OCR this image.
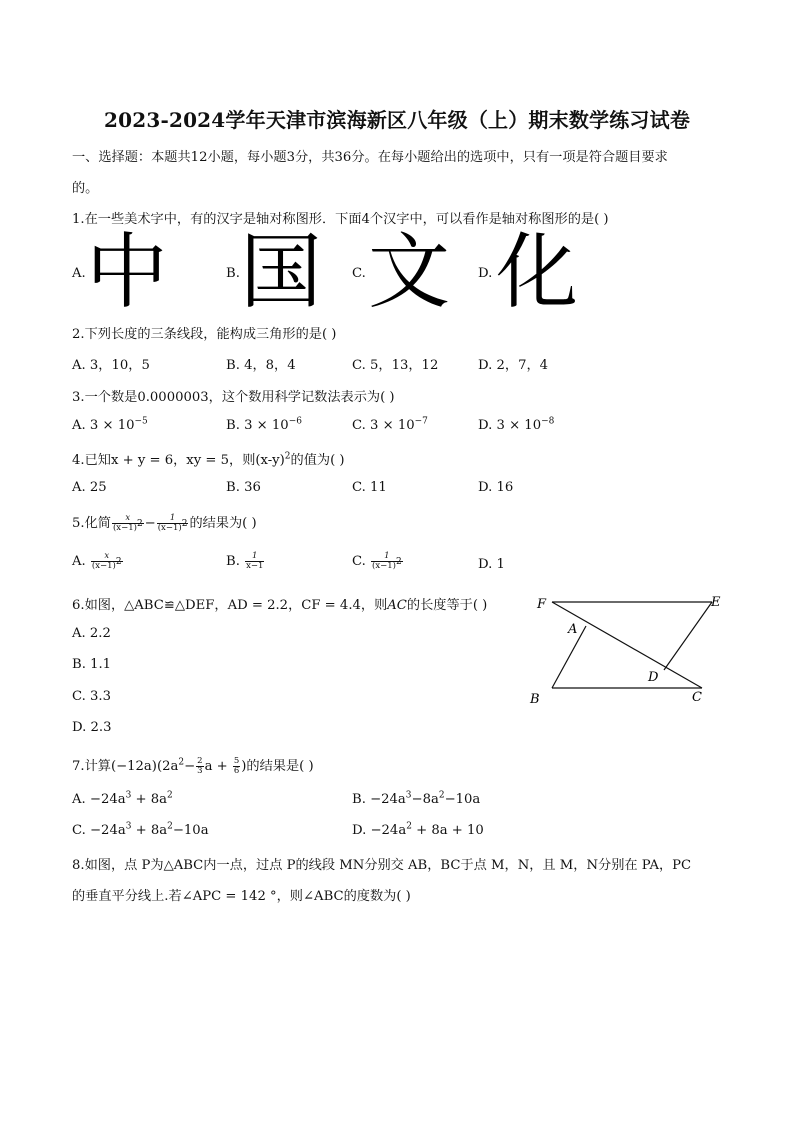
2023-2024学年天津市滨海新区八年级（上）期末数学练习试卷
一、选择题：本题共12小题，每小题3分，共36分。在每小题给出的选项中，只有一项是符合题目要求
的。
1.在一些美术字中，有的汉字是轴对称图形．下面4个汉字中，可以看作是轴对称图形的是( )
A. 中	B. 国 C. 文 D. 化
2.下列长度的三条线段，能构成三角形的是( )
A. 3，10，5	B. 4，8，4	C. 5，13，12	D. 2，7，4
3.一个数是0.0000003，这个数用科学记数法表示为( )
A. $3 \times 10^{-5}$	B. $3 \times 10^{-6}$	C. $3 \times 10^{-7}$	D. $3 \times 10^{-8}$
4.已知x + y = 6，xy = 5，则$(x-y)^2$的值为( )
A. 25	B. 36	C. 11	D. 16
5.化简 $\frac{x}{(x-1)^2} - \frac{1}{(x-1)^2}$ 的结果为( )
A. $\frac{x}{(x-1)^2}$	B. $\frac{1}{x-1}$	C. $\frac{1}{(x-1)^2}$	D. 1
6.如图，△ABC≌△DEF，AD = 2.2，CF = 4.4，则AC的长度等于( )
A. 2.2
B. 1.1
C. 3.3
D. 2.3
F	E
A
D
B	C
7.计算$(-12a)(2a^2- \frac{2}{3}$ $a + \frac{5}{6}$ )的结果是( )
A. $-24a^3 + 8a^2$	B. $-24a^3-8a^2-10a$
C. $-24a^3 + 8a^2-10a$	D. $-24a^2 + 8a + 10$
8.如图，点 P为△ABC内一点，过点 P的线段 MN分别交 AB，BC于点 M，N，且 M，N分别在 PA，PC
的垂直平分线上.若∠APC = 142 °，则∠ABC的度数为( )
